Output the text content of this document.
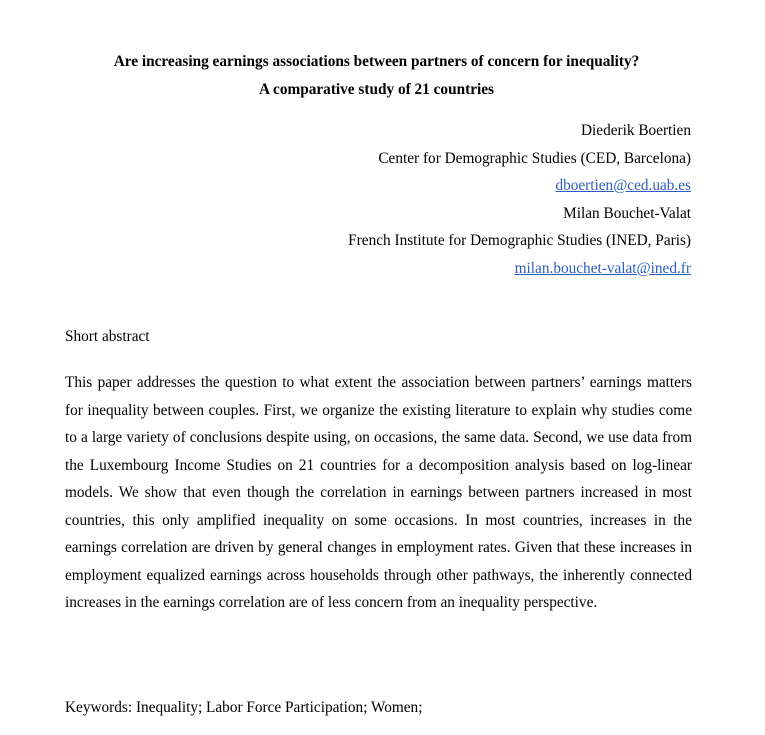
Are increasing earnings associations between partners of concern for inequality?
A comparative study of 21 countries
Diederik Boertien
Center for Demographic Studies (CED, Barcelona)
dboertien@ced.uab.es
Milan Bouchet-Valat
French Institute for Demographic Studies (INED, Paris)
milan.bouchet-valat@ined.fr

Short abstract

This paper addresses the question to what extent the association between partners’ earnings matters for inequality between couples. First, we organize the existing literature to explain why studies come to a large variety of conclusions despite using, on occasions, the same data. Second, we use data from the Luxembourg Income Studies on 21 countries for a decomposition analysis based on log-linear models. We show that even though the correlation in earnings between partners increased in most countries, this only amplified inequality on some occasions. In most countries, increases in the earnings correlation are driven by general changes in employment rates. Given that these increases in employment equalized earnings across households through other pathways, the inherently connected increases in the earnings correlation are of less concern from an inequality perspective.

Keywords: Inequality; Labor Force Participation; Women;
